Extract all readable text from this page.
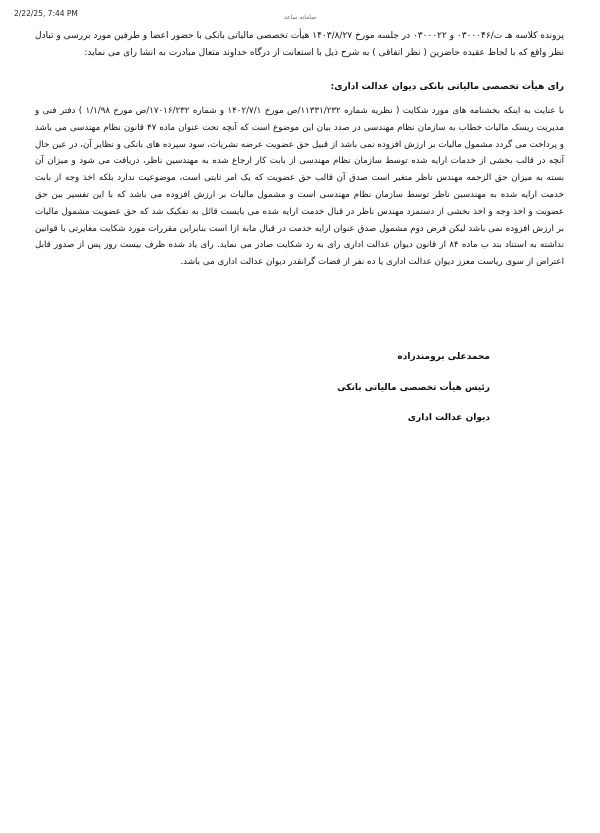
2/22/25, 7:44 PM	سامانه ساعد

پرونده کلاسه هـ ت/۰۳۰۰۰۴۶ و ۰۳۰۰۰۲۲ در جلسه مورخ ۱۴۰۳/۸/۲۷ هیأت تخصصی مالیاتی بانکی با حضور اعضا و طرفین مورد بررسی و تبادل نظر واقع که با لحاظ عقیده حاضرین ( نظر اتفاقی ) به شرح ذیل با استعانت از درگاه خداوند متعال مبادرت به انشا رای می نماید:

رای هیأت تخصصی مالیاتی بانکی دیوان عدالت اداری:

با عنایت به اینکه بخشنامه های مورد شکایت ( نظریه شماره ۱۱۳۳۱/۲۳۲/ص مورخ ۱۴۰۲/۷/۱ و شماره ۱۷۰۱۶/۲۳۲/ص مورخ ۱/۱/۹۸ ) دفتر فنی و مدیریت ریسک مالیات خطاب به سازمان نظام مهندسی در صدد بیان این موضوع است که آنچه تحت عنوان ماده ۴۷ قانون نظام مهندسی می باشد و پرداخت می گردد مشمول مالیات بر ارزش افزوده نمی باشد از قبیل حق عضویت عرضه نشریات، سود سپرده های بانکی و نظایر آن، در عین حال آنچه در قالب بخشی از خدمات ارایه شده توسط سازمان نظام مهندسی از بابت کار ارجاع شده به مهندسین ناظر، دریافت می شود و میزان آن بسته به میزان حق الزحمه مهندس ناظر متغیر است صدق آن قالب حق عضویت که یک امر ثابتی است، موضوعیت ندارد بلکه اخذ وجه از بابت خدمت ارایه شده به مهندسین ناظر توسط سازمان نظام مهندسی است و مشمول مالیات بر ارزش افزوده می باشد که با این تفسیر بین حق عضویت و اخذ وجه و اخذ بخشی از دستمزد مهندس ناظر در قبال خدمت ارایه شده می بایست قائل به تفکیک شد که حق عضویت مشمول مالیات بر ارزش افزوده نمی باشد لیکن فرض دوم مشمول صدق عنوان ارایه خدمت در قبال مابه ازا است بنابراین مقررات مورد شکایت مغایرتی با قوانین نداشته به استناد بند ب ماده ۸۴ از قانون دیوان عدالت اداری رای به رد شکایت صادر می نماید. رای یاد شده ظرف بیست روز پس از صدور قابل اعتراض از سوی ریاست معزز دیوان عدالت اداری یا ده نفر از قضات گرانقدر دیوان عدالت اداری می باشد.

محمدعلی برومندزاده
رئیس هیأت تخصصی مالیاتی بانکی
دیوان عدالت اداری
